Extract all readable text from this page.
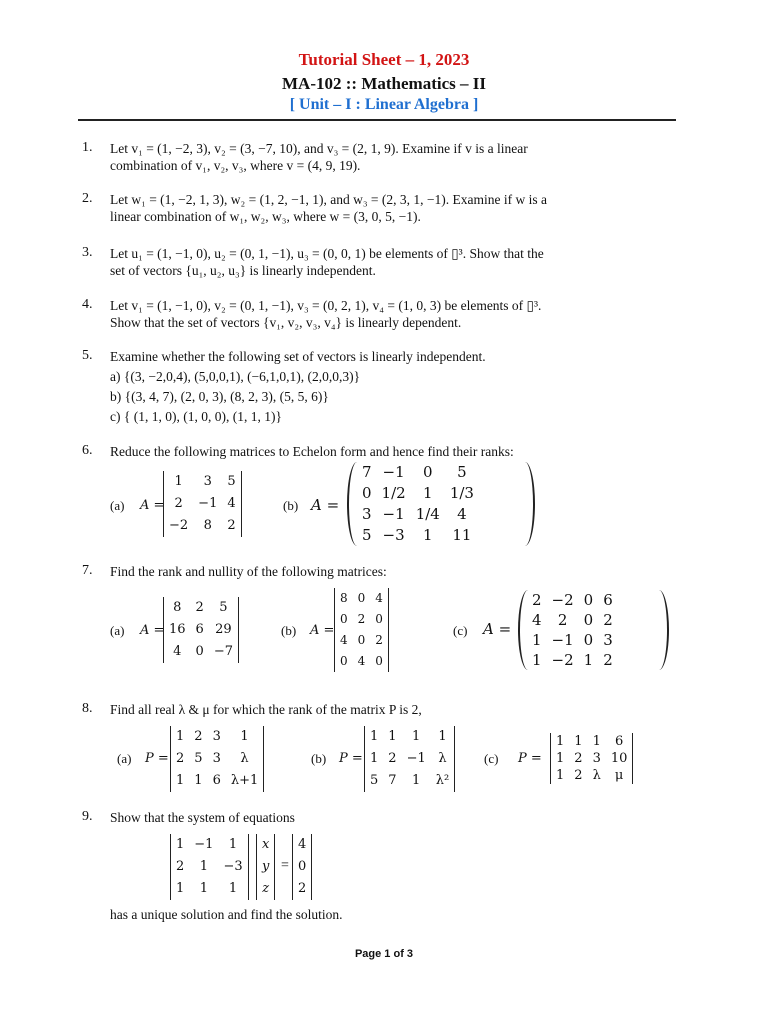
Tutorial Sheet – 1, 2023
MA-102 :: Mathematics – II
[ Unit – I : Linear Algebra ]
1. Let v₁ = (1, −2, 3), v₂ = (3, −7, 10), and v₃ = (2, 1, 9). Examine if v is a linear
combination of v₁, v₂, v₃, where v = (4, 9, 19).
2. Let w₁ = (1, −2, 1, 3), w₂ = (1, 2, −1, 1), and w₃ = (2, 3, 1, −1). Examine if w is a
linear combination of w₁, w₂, w₃, where w = (3, 0, 5, −1).
3. Let u₁ = (1, −1, 0), u₂ = (0, 1, −1), u₃ = (0, 0, 1) be elements of ▯³. Show that the
set of vectors {u₁, u₂, u₃} is linearly independent.
4. Let v₁ = (1, −1, 0), v₂ = (0, 1, −1), v₃ = (0, 2, 1), v₄ = (1, 0, 3) be elements of ▯³.
Show that the set of vectors {v₁, v₂, v₃, v₄} is linearly dependent.
5. Examine whether the following set of vectors is linearly independent.
a) {(3, −2,0,4), (5,0,0,1), (−6,1,0,1), (2,0,0,3)}
b) {(3, 4, 7), (2, 0, 3), (8, 2, 3), (5, 5, 6)}
c) { (1, 1, 0), (1, 0, 0), (1, 1, 1)}
6. Reduce the following matrices to Echelon form and hence find their ranks:
(a) A =
1	3	5
2	−1	4
−2	8	2
(b) A =
7	−1	0	5
0	1/2	1	1/3
3	−1	1/4	4
5	−3	1	11
7. Find the rank and nullity of the following matrices:
(a) A =
8	2	5
16	6	29
4	0	−7
(b) A =
8	0	4
0	2	0
4	0	2
0	4	0
(c) A =
2	−2	0	6
4	2	0	2
1	−1	0	3
1	−2	1	2
8. Find all real λ & μ for which the rank of the matrix P is 2,
(a) P =
1	2	3	1
2	5	3	λ
1	1	6	λ+1
(b) P =
1	1	1	1
1	2	−1	λ
5	7	1	λ²
(c) P =
1	1	1	6
1	2	3	10
1	2	λ	μ
9. Show that the system of equations
1	−1	1
2	1	−3
1	1	1
x
y
z
=
4
0
2
has a unique solution and find the solution.
Page 1 of 3
